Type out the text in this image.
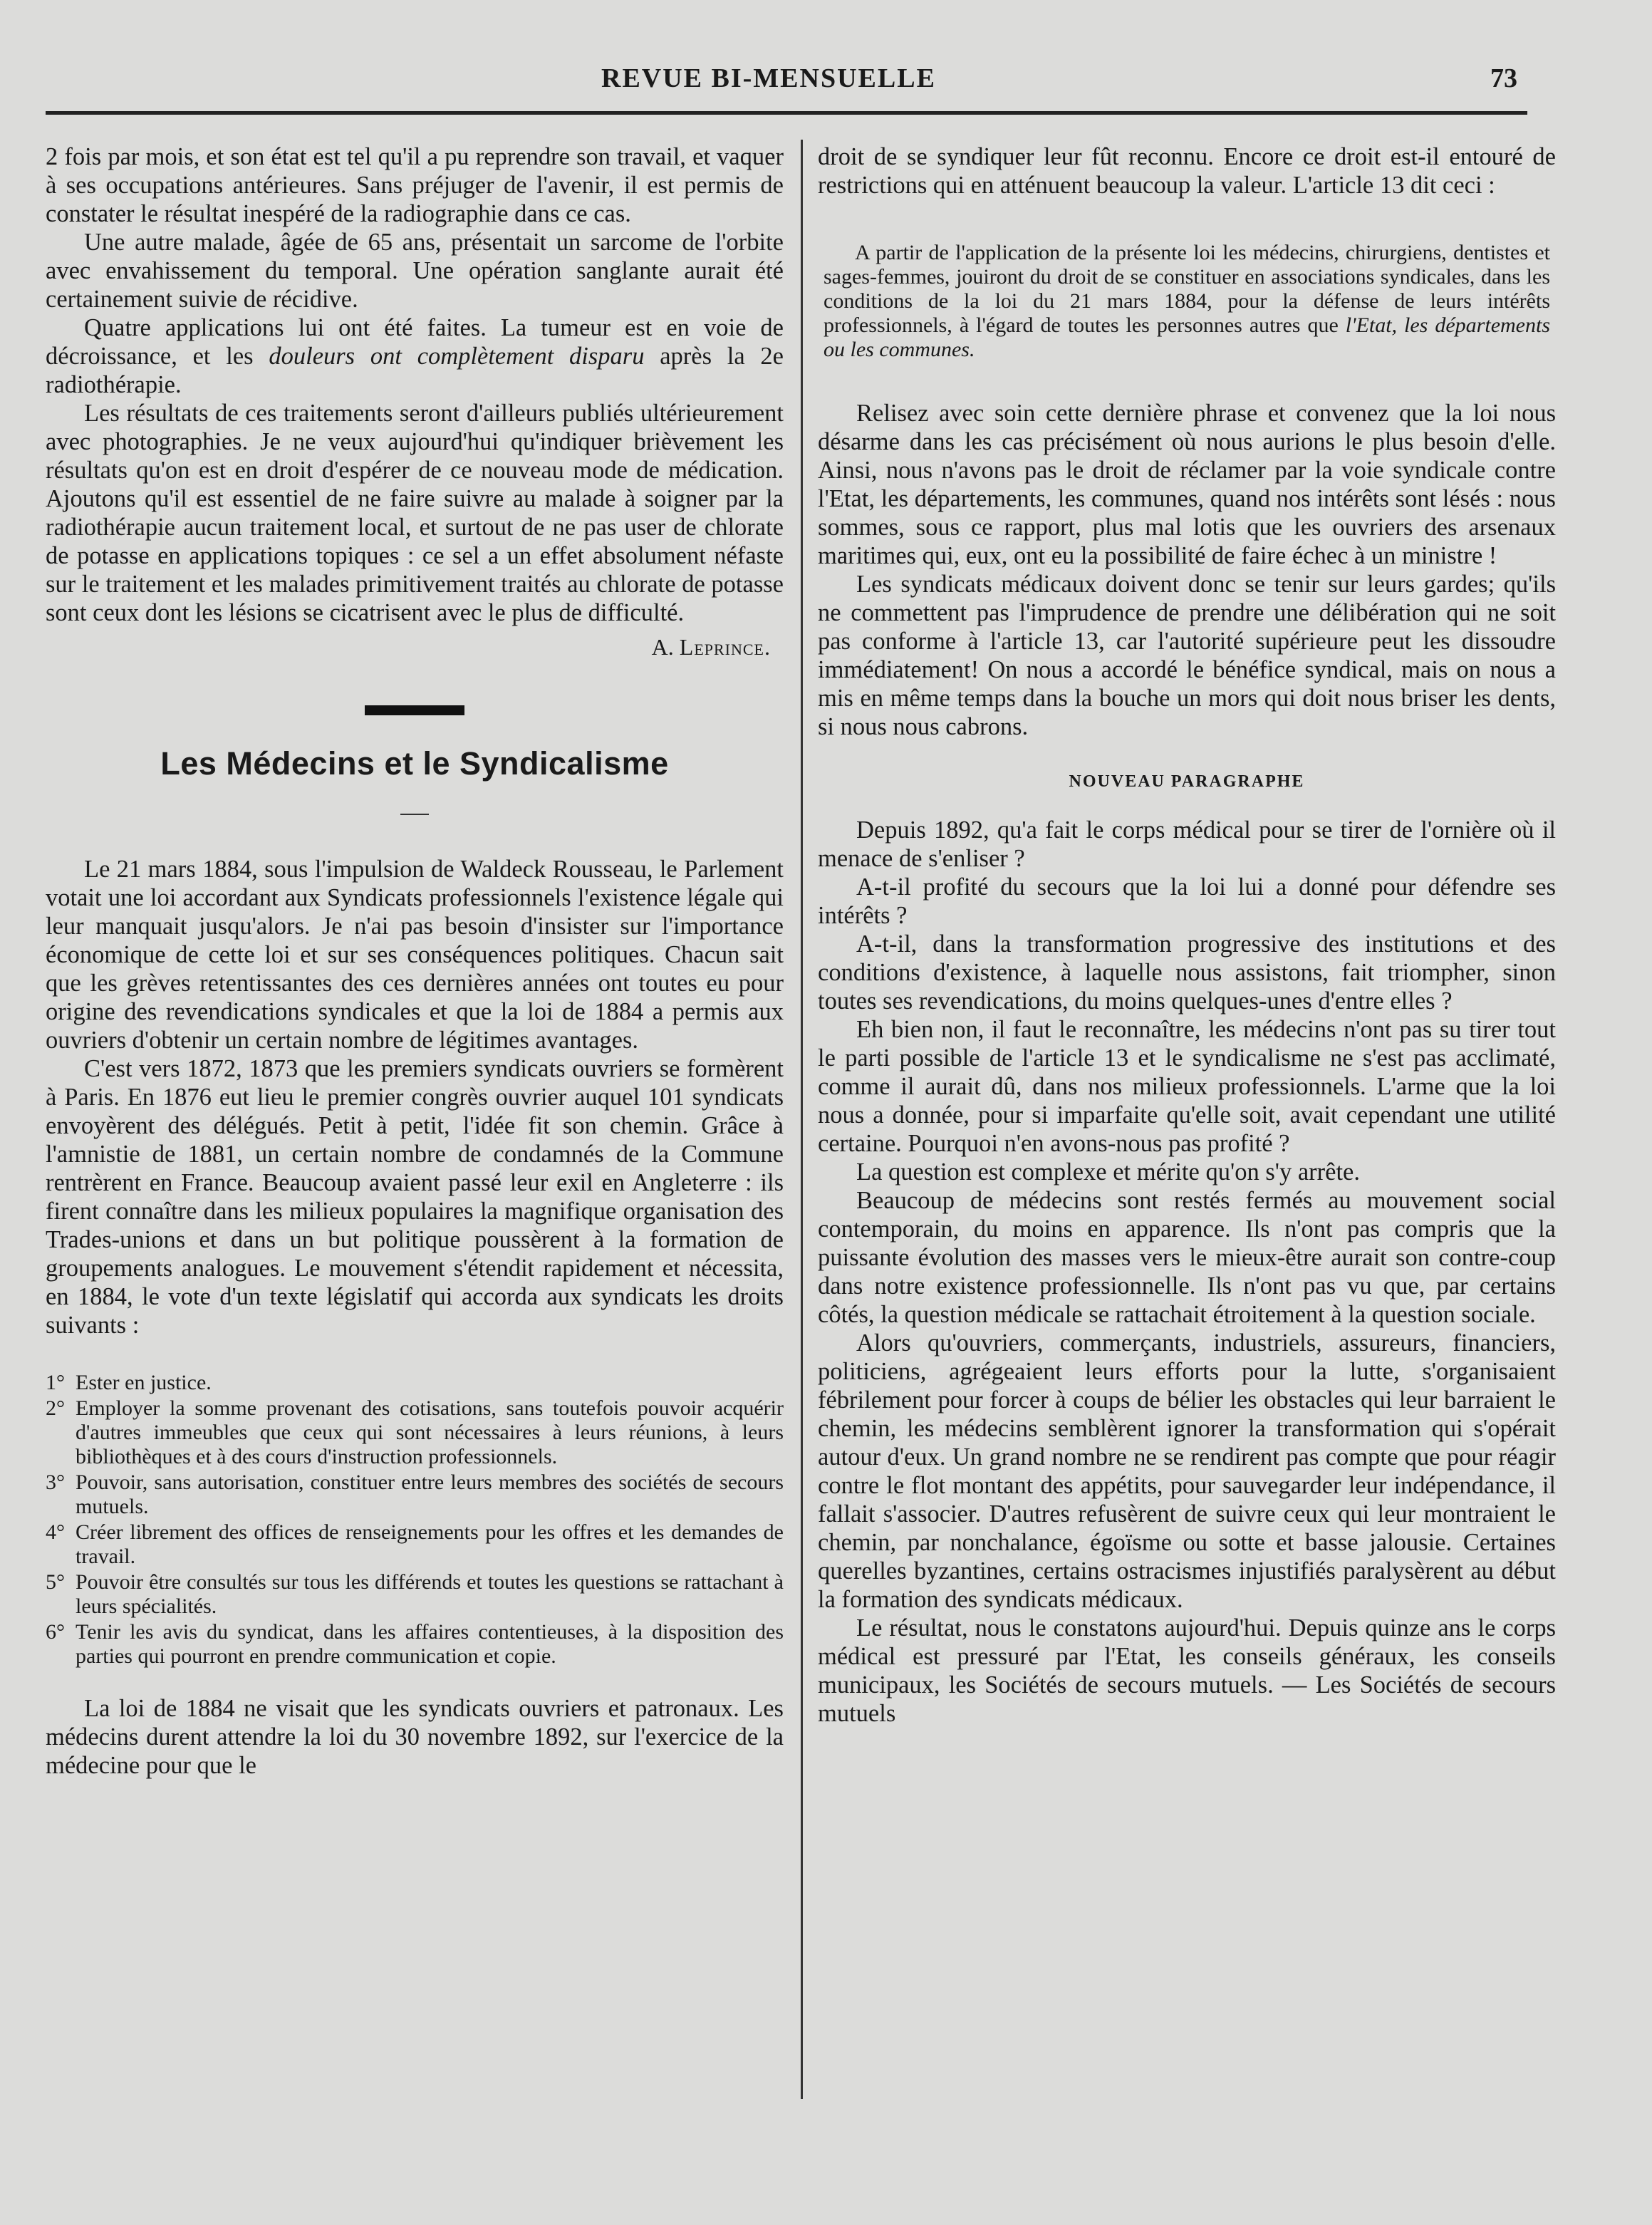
REVUE BI-MENSUELLE	73

2 fois par mois, et son état est tel qu'il a pu reprendre son travail, et vaquer à ses occupations antérieures. Sans préjuger de l'avenir, il est permis de constater le résultat inespéré de la radiographie dans ce cas.

Une autre malade, âgée de 65 ans, présentait un sarcome de l'orbite avec envahissement du temporal. Une opération sanglante aurait été certainement suivie de récidive.

Quatre applications lui ont été faites. La tumeur est en voie de décroissance, et les douleurs ont complètement disparu après la 2e radiothérapie.

Les résultats de ces traitements seront d'ailleurs publiés ultérieurement avec photographies. Je ne veux aujourd'hui qu'indiquer brièvement les résultats qu'on est en droit d'espérer de ce nouveau mode de médication. Ajoutons qu'il est essentiel de ne faire suivre au malade à soigner par la radiothérapie aucun traitement local, et surtout de ne pas user de chlorate de potasse en applications topiques : ce sel a un effet absolument néfaste sur le traitement et les malades primitivement traités au chlorate de potasse sont ceux dont les lésions se cicatrisent avec le plus de difficulté.

A. Leprince.
Les Médecins et le Syndicalisme

Le 21 mars 1884, sous l'impulsion de Waldeck Rousseau, le Parlement votait une loi accordant aux Syndicats professionnels l'existence légale qui leur manquait jusqu'alors. Je n'ai pas besoin d'insister sur l'importance économique de cette loi et sur ses conséquences politiques. Chacun sait que les grèves retentissantes des ces dernières années ont toutes eu pour origine des revendications syndicales et que la loi de 1884 a permis aux ouvriers d'obtenir un certain nombre de légitimes avantages.

C'est vers 1872, 1873 que les premiers syndicats ouvriers se formèrent à Paris. En 1876 eut lieu le premier congrès ouvrier auquel 101 syndicats envoyèrent des délégués. Petit à petit, l'idée fit son chemin. Grâce à l'amnistie de 1881, un certain nombre de condamnés de la Commune rentrèrent en France. Beaucoup avaient passé leur exil en Angleterre : ils firent connaître dans les milieux populaires la magnifique organisation des Trades-unions et dans un but politique poussèrent à la formation de groupements analogues. Le mouvement s'étendit rapidement et nécessita, en 1884, le vote d'un texte législatif qui accorda aux syndicats les droits suivants :

1° Ester en justice.
2° Employer la somme provenant des cotisations, sans toutefois pouvoir acquérir d'autres immeubles que ceux qui sont nécessaires à leurs réunions, à leurs bibliothèques et à des cours d'instruction professionnels.
3° Pouvoir, sans autorisation, constituer entre leurs membres des sociétés de secours mutuels.
4° Créer librement des offices de renseignements pour les offres et les demandes de travail.
5° Pouvoir être consultés sur tous les différends et toutes les questions se rattachant à leurs spécialités.
6° Tenir les avis du syndicat, dans les affaires contentieuses, à la disposition des parties qui pourront en prendre communication et copie.

La loi de 1884 ne visait que les syndicats ouvriers et patronaux. Les médecins durent attendre la loi du 30 novembre 1892, sur l'exercice de la médecine pour que le

droit de se syndiquer leur fût reconnu. Encore ce droit est-il entouré de restrictions qui en atténuent beaucoup la valeur. L'article 13 dit ceci :

A partir de l'application de la présente loi les médecins, chirurgiens, dentistes et sages-femmes, jouiront du droit de se constituer en associations syndicales, dans les conditions de la loi du 21 mars 1884, pour la défense de leurs intérêts professionnels, à l'égard de toutes les personnes autres que l'Etat, les départements ou les communes.

Relisez avec soin cette dernière phrase et convenez que la loi nous désarme dans les cas précisément où nous aurions le plus besoin d'elle. Ainsi, nous n'avons pas le droit de réclamer par la voie syndicale contre l'Etat, les départements, les communes, quand nos intérêts sont lésés : nous sommes, sous ce rapport, plus mal lotis que les ouvriers des arsenaux maritimes qui, eux, ont eu la possibilité de faire échec à un ministre !

Les syndicats médicaux doivent donc se tenir sur leurs gardes; qu'ils ne commettent pas l'imprudence de prendre une délibération qui ne soit pas conforme à l'article 13, car l'autorité supérieure peut les dissoudre immédiatement! On nous a accordé le bénéfice syndical, mais on nous a mis en même temps dans la bouche un mors qui doit nous briser les dents, si nous nous cabrons.

NOUVEAU PARAGRAPHE

Depuis 1892, qu'a fait le corps médical pour se tirer de l'ornière où il menace de s'enliser ?

A-t-il profité du secours que la loi lui a donné pour défendre ses intérêts ?

A-t-il, dans la transformation progressive des institutions et des conditions d'existence, à laquelle nous assistons, fait triompher, sinon toutes ses revendications, du moins quelques-unes d'entre elles ?

Eh bien non, il faut le reconnaître, les médecins n'ont pas su tirer tout le parti possible de l'article 13 et le syndicalisme ne s'est pas acclimaté, comme il aurait dû, dans nos milieux professionnels. L'arme que la loi nous a donnée, pour si imparfaite qu'elle soit, avait cependant une utilité certaine. Pourquoi n'en avons-nous pas profité ?

La question est complexe et mérite qu'on s'y arrête.

Beaucoup de médecins sont restés fermés au mouvement social contemporain, du moins en apparence. Ils n'ont pas compris que la puissante évolution des masses vers le mieux-être aurait son contre-coup dans notre existence professionnelle. Ils n'ont pas vu que, par certains côtés, la question médicale se rattachait étroitement à la question sociale.

Alors qu'ouvriers, commerçants, industriels, assureurs, financiers, politiciens, agrégeaient leurs efforts pour la lutte, s'organisaient fébrilement pour forcer à coups de bélier les obstacles qui leur barraient le chemin, les médecins semblèrent ignorer la transformation qui s'opérait autour d'eux. Un grand nombre ne se rendirent pas compte que pour réagir contre le flot montant des appétits, pour sauvegarder leur indépendance, il fallait s'associer. D'autres refusèrent de suivre ceux qui leur montraient le chemin, par nonchalance, égoïsme ou sotte et basse jalousie. Certaines querelles byzantines, certains ostracismes injustifiés paralysèrent au début la formation des syndicats médicaux.

Le résultat, nous le constatons aujourd'hui. Depuis quinze ans le corps médical est pressuré par l'Etat, les conseils généraux, les conseils municipaux, les Sociétés de secours mutuels. — Les Sociétés de secours mutuels
